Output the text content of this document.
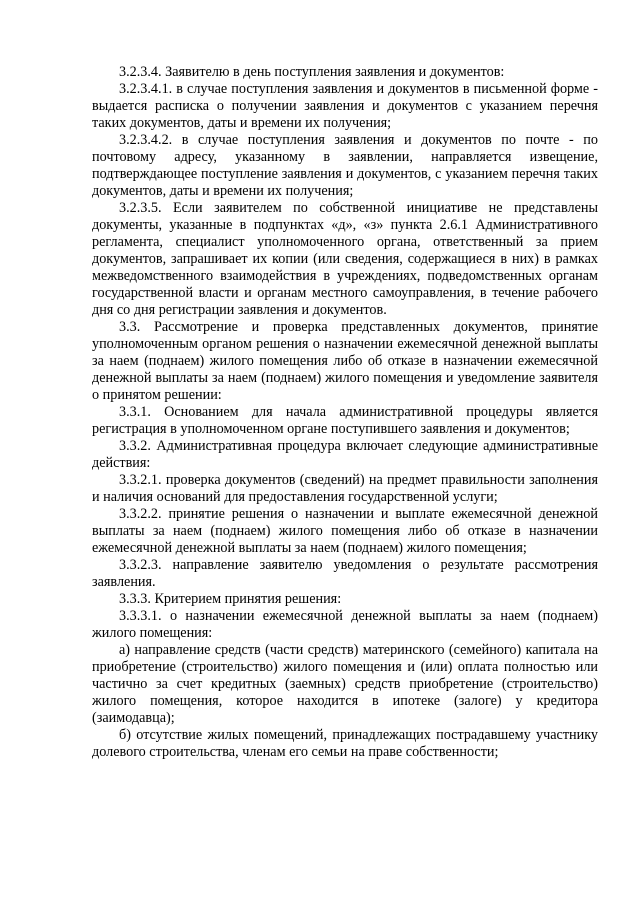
3.2.3.4. Заявителю в день поступления заявления и документов:

3.2.3.4.1. в случае поступления заявления и документов в письменной форме - выдается расписка о получении заявления и документов с указанием перечня таких документов, даты и времени их получения;

3.2.3.4.2. в случае поступления заявления и документов по почте - по почтовому адресу, указанному в заявлении, направляется извещение, подтверждающее поступление заявления и документов, с указанием перечня таких документов, даты и времени их получения;

3.2.3.5. Если заявителем по собственной инициативе не представлены документы, указанные в подпунктах «д», «з» пункта 2.6.1 Административного регламента, специалист уполномоченного органа, ответственный за прием документов, запрашивает их копии (или сведения, содержащиеся в них) в рамках межведомственного взаимодействия в учреждениях, подведомственных органам государственной власти и органам местного самоуправления, в течение рабочего дня со дня регистрации заявления и документов.

3.3. Рассмотрение и проверка представленных документов, принятие уполномоченным органом решения о назначении ежемесячной денежной выплаты за наем (поднаем) жилого помещения либо об отказе в назначении ежемесячной денежной выплаты за наем (поднаем) жилого помещения и уведомление заявителя о принятом решении:

3.3.1. Основанием для начала административной процедуры является регистрация в уполномоченном органе поступившего заявления и документов;

3.3.2. Административная процедура включает следующие административные действия:

3.3.2.1. проверка документов (сведений) на предмет правильности заполнения и наличия оснований для предоставления государственной услуги;

3.3.2.2. принятие решения о назначении и выплате ежемесячной денежной выплаты за наем (поднаем) жилого помещения либо об отказе в назначении ежемесячной денежной выплаты за наем (поднаем) жилого помещения;

3.3.2.3. направление заявителю уведомления о результате рассмотрения заявления.

3.3.3. Критерием принятия решения:

3.3.3.1. о назначении ежемесячной денежной выплаты за наем (поднаем) жилого помещения:

а) направление средств (части средств) материнского (семейного) капитала на приобретение (строительство) жилого помещения и (или) оплата полностью или частично за счет кредитных (заемных) средств приобретение (строительство) жилого помещения, которое находится в ипотеке (залоге) у кредитора (заимодавца);

б) отсутствие жилых помещений, принадлежащих пострадавшему участнику долевого строительства, членам его семьи на праве собственности;
